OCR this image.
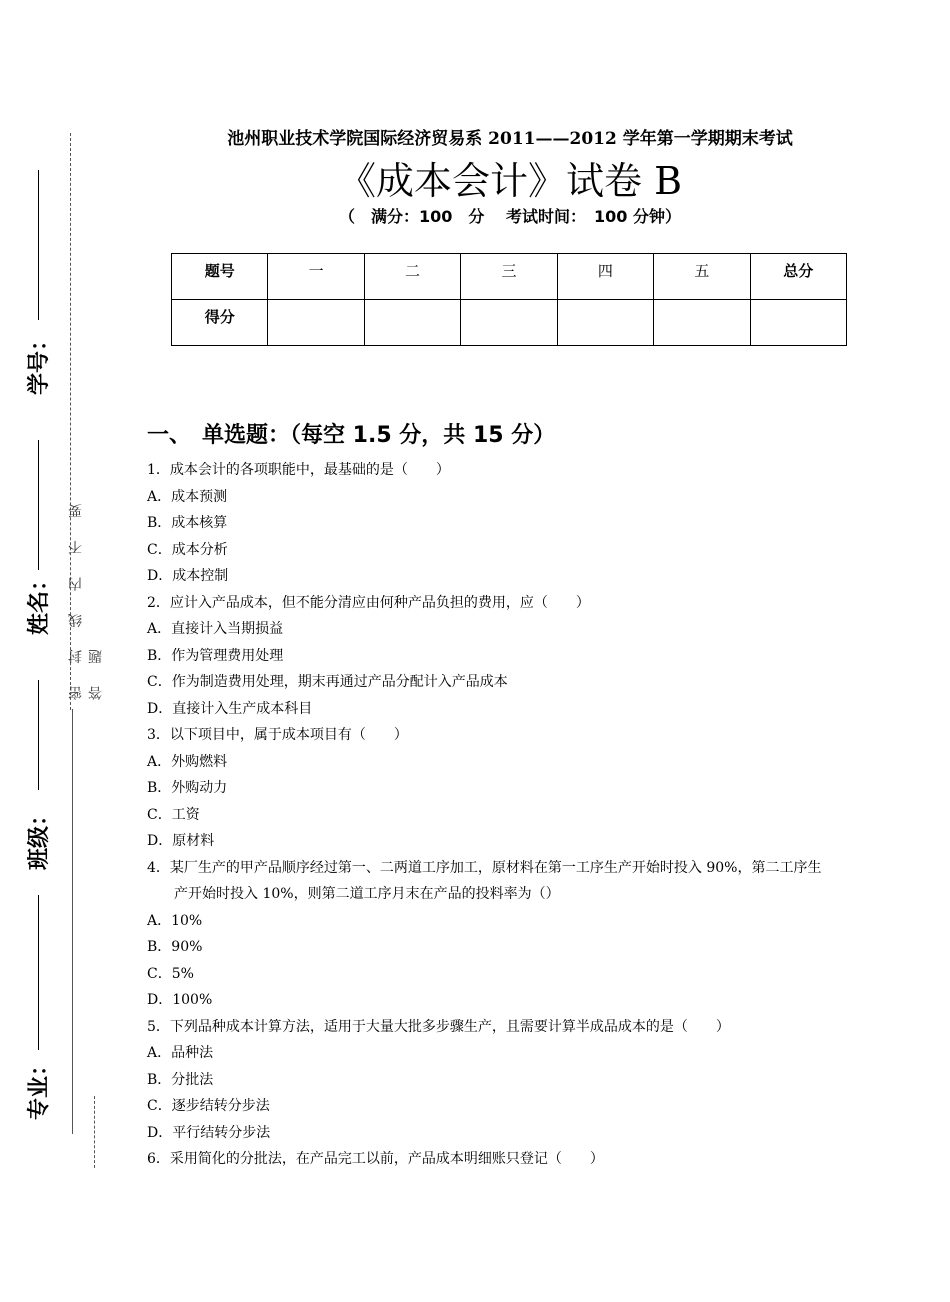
学号：
姓名：
班级：
专业：
密 封 线 内 不 要 答 题
池州职业技术学院国际经济贸易系 2011——2012 学年第一学期期末考试
《成本会计》试卷 B
（　满分：100　分　 考试时间：　100 分钟）
题号	一	二	三	四	五	总分
得分						
一、　单选题：（每空 1.5 分，共 15 分）
1．成本会计的各项职能中，最基础的是（　　）
A．成本预测
B．成本核算
C．成本分析
D．成本控制
2．应计入产品成本，但不能分清应由何种产品负担的费用，应（　　）
A．直接计入当期损益
B．作为管理费用处理
C．作为制造费用处理，期末再通过产品分配计入产品成本
D．直接计入生产成本科目
3．以下项目中，属于成本项目有（　　）
A．外购燃料
B．外购动力
C．工资
D．原材料
4．某厂生产的甲产品顺序经过第一、二两道工序加工，原材料在第一工序生产开始时投入 90%，第二工序生
　产开始时投入 10%，则第二道工序月末在产品的投料率为（）
A．10%
B．90%
C．5%
D．100%
5．下列品种成本计算方法，适用于大量大批多步骤生产，且需要计算半成品成本的是（　　）
A．品种法
B．分批法
C．逐步结转分步法
D．平行结转分步法
6．采用简化的分批法，在产品完工以前，产品成本明细账只登记（　　）
